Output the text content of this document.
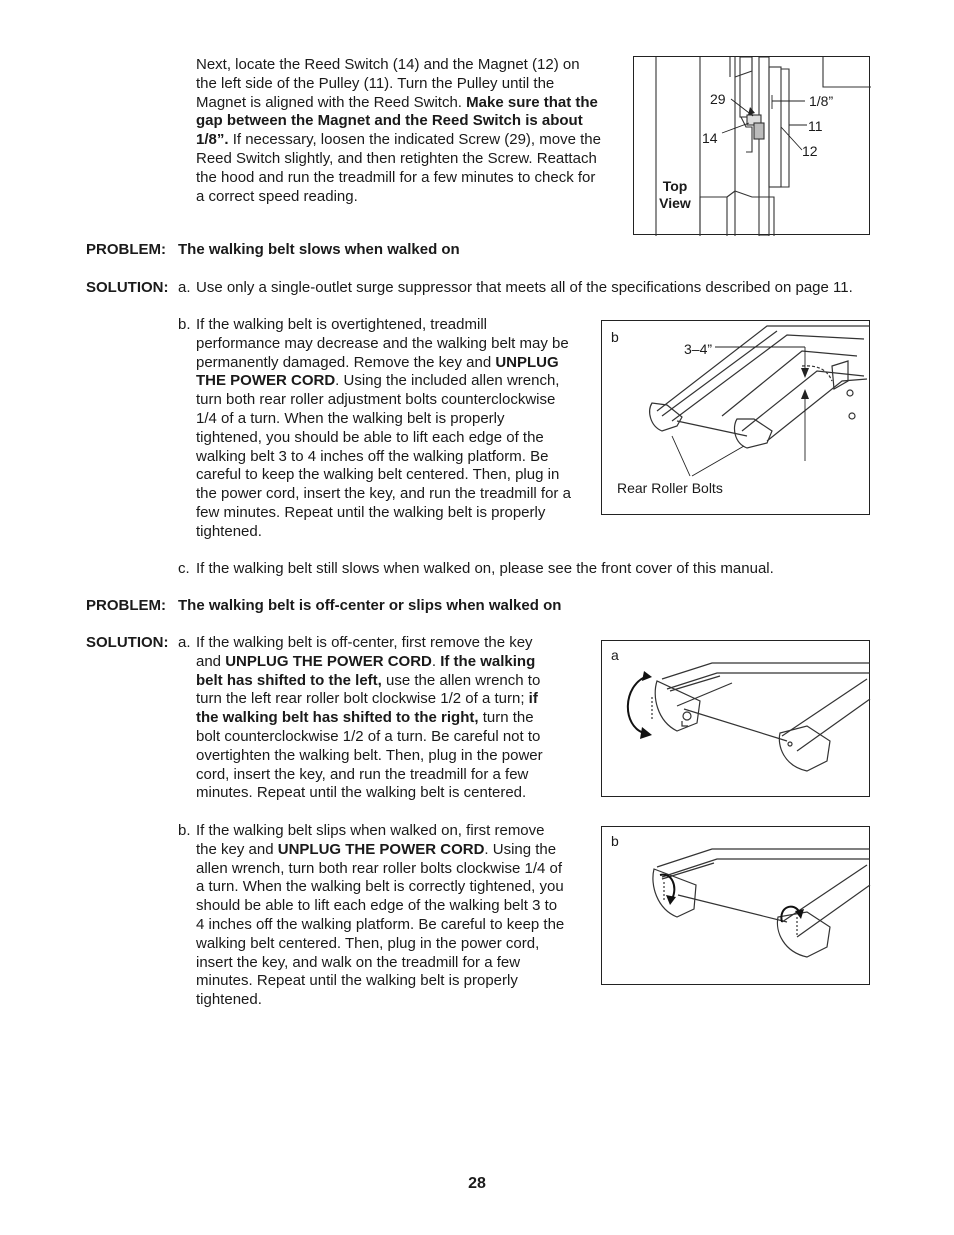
Next, locate the Reed Switch (14) and the Magnet (12) on the left side of the Pulley (11). Turn the Pulley until the Magnet is aligned with the Reed Switch. Make sure that the gap between the Magnet and the Reed Switch is about 1/8”. If necessary, loosen the indicated Screw (29), move the Reed Switch slightly, and then retighten the Screw. Reattach the hood and run the treadmill for a few minutes to check for a correct speed reading.
29	1/8”
11
14
12
Top
View
PROBLEM: The walking belt slows when walked on
SOLUTION: a. Use only a single-outlet surge suppressor that meets all of the specifications described on page 11.
b. If the walking belt is overtightened, treadmill performance may decrease and the walking belt may be permanently damaged. Remove the key and UNPLUG THE POWER CORD. Using the included allen wrench, turn both rear roller adjustment bolts counterclockwise 1/4 of a turn. When the walking belt is properly tightened, you should be able to lift each edge of the walking belt 3 to 4 inches off the walking platform. Be careful to keep the walking belt centered. Then, plug in the power cord, insert the key, and run the treadmill for a few minutes. Repeat until the walking belt is properly tightened.
b
3–4”
Rear Roller Bolts
c. If the walking belt still slows when walked on, please see the front cover of this manual.
PROBLEM: The walking belt is off-center or slips when walked on
SOLUTION: a. If the walking belt is off-center, first remove the key and UNPLUG THE POWER CORD. If the walking belt has shifted to the left, use the allen wrench to turn the left rear roller bolt clockwise 1/2 of a turn; if the walking belt has shifted to the right, turn the bolt counterclockwise 1/2 of a turn. Be careful not to overtighten the walking belt. Then, plug in the power cord, insert the key, and run the treadmill for a few minutes. Repeat until the walking belt is centered.
a
b. If the walking belt slips when walked on, first remove the key and UNPLUG THE POWER CORD. Using the allen wrench, turn both rear roller bolts clockwise 1/4 of a turn. When the walking belt is correctly tightened, you should be able to lift each edge of the walking belt 3 to 4 inches off the walking platform. Be careful to keep the walking belt centered. Then, plug in the power cord, insert the key, and walk on the treadmill for a few minutes. Repeat until the walking belt is properly tightened.
b
28
